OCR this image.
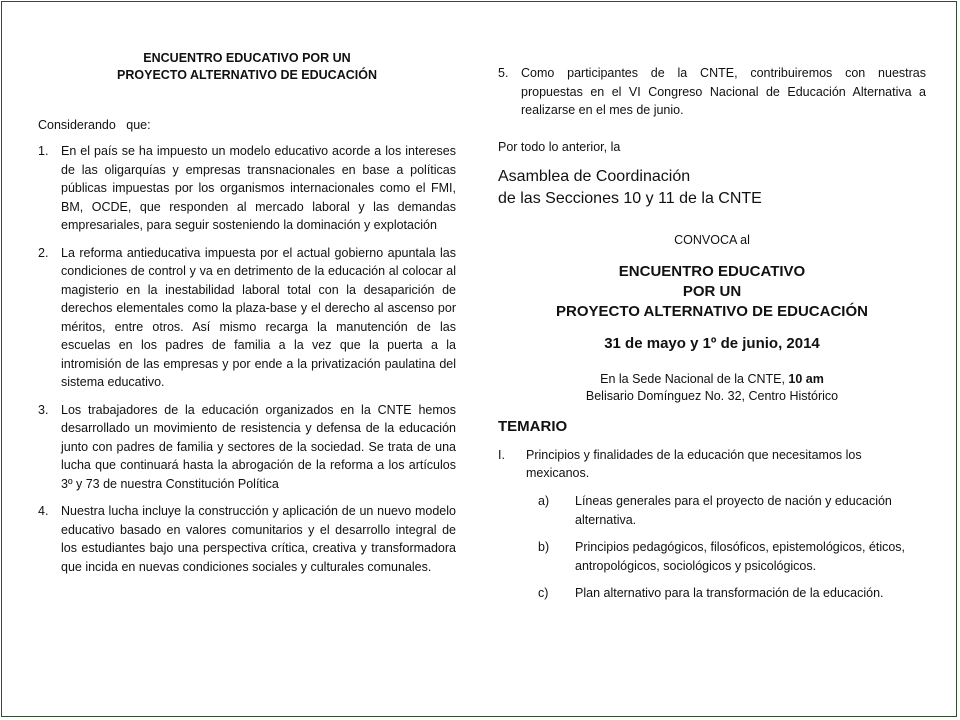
ENCUENTRO EDUCATIVO POR UN
PROYECTO ALTERNATIVO DE EDUCACIÓN
Considerando   que:
1.	En el país se ha impuesto un modelo educativo acorde a los intereses de las oligarquías y empresas transnacionales en base a políticas públicas impuestas por los organismos internacionales como el FMI, BM, OCDE, que responden al mercado laboral y las demandas empresariales, para seguir sosteniendo la dominación y explotación
2.	La reforma antieducativa impuesta por el actual gobierno apuntala las condiciones de control y va en detrimento de la educación al colocar al magisterio en la inestabilidad laboral total con la desaparición de derechos elementales como la plaza-base y el derecho al ascenso por méritos, entre otros. Así mismo recarga la manutención de las escuelas en los padres de familia a la vez que la puerta a la intromisión de las empresas y por ende a la privatización paulatina del sistema educativo.
3.	Los trabajadores de la educación organizados en la CNTE hemos desarrollado un movimiento de resistencia y defensa de la educación junto con padres de familia y sectores de la sociedad. Se trata de una lucha que continuará hasta la abrogación de la reforma a los artículos 3º y 73 de nuestra Constitución Política
4.	Nuestra lucha incluye la construcción y aplicación de un nuevo modelo educativo basado en valores comunitarios y el desarrollo integral de los estudiantes bajo una perspectiva crítica, creativa y transformadora que incida en nuevas condiciones sociales y culturales comunales.
5.	Como participantes de la CNTE, contribuiremos con nuestras propuestas en el VI Congreso Nacional de Educación Alternativa a realizarse en el mes de junio.
Por todo lo anterior, la
Asamblea de Coordinación
de las Secciones 10 y 11 de la CNTE
CONVOCA al
ENCUENTRO EDUCATIVO
POR UN
PROYECTO ALTERNATIVO DE EDUCACIÓN
31 de mayo y 1º de junio, 2014
En la Sede Nacional de la CNTE, 10 am
Belisario Domínguez No. 32, Centro Histórico
TEMARIO
I.	Principios y finalidades de la educación que necesitamos los mexicanos.
a)	Líneas generales para el proyecto de nación y educación alternativa.
b)	Principios pedagógicos, filosóficos, epistemológicos, éticos, antropológicos, sociológicos y psicológicos.
c)	Plan alternativo para la transformación de la educación.
